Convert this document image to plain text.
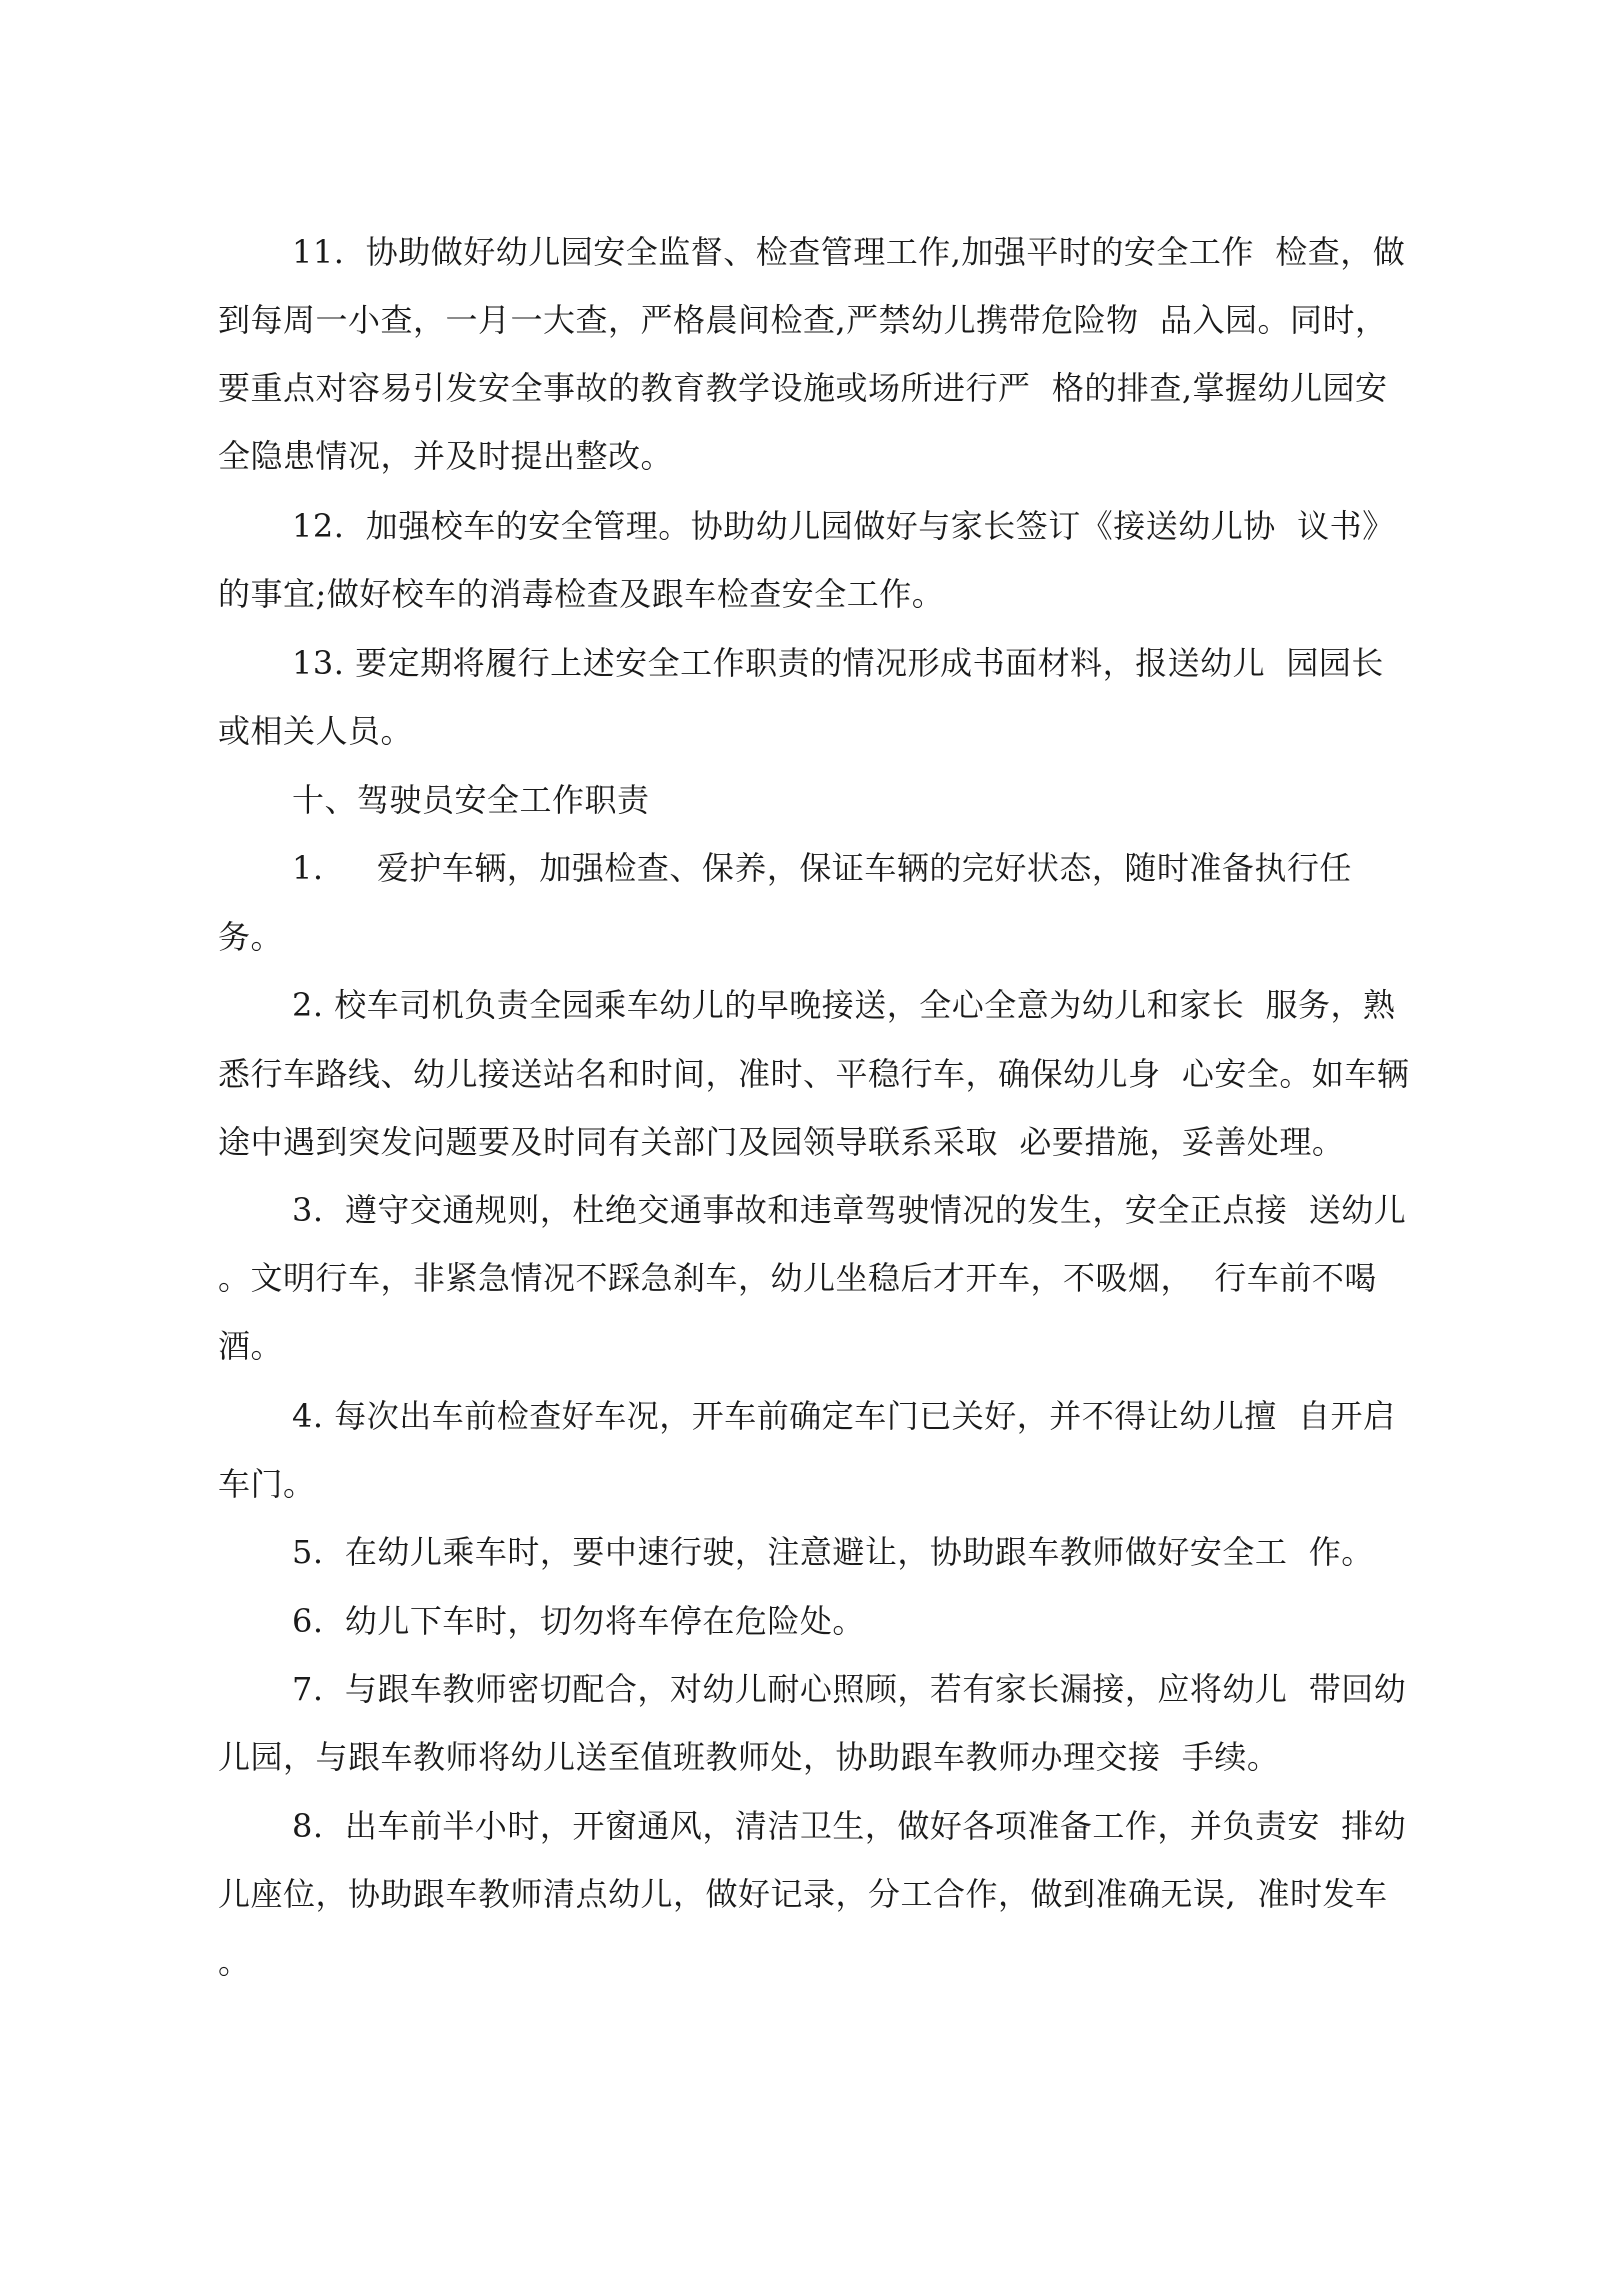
11.  协助做好幼儿园安全监督、检查管理工作,加强平时的安全工作  检查，做
到每周一小查，一月一大查，严格晨间检查,严禁幼儿携带危险物  品入园。同时，
要重点对容易引发安全事故的教育教学设施或场所进行严  格的排查,掌握幼儿园安
全隐患情况，并及时提出整改。
12.  加强校车的安全管理。协助幼儿园做好与家长签订《接送幼儿协  议书》
的事宜;做好校车的消毒检查及跟车检查安全工作。
13. 要定期将履行上述安全工作职责的情况形成书面材料，报送幼儿  园园长
或相关人员。
十、驾驶员安全工作职责
1.     爱护车辆，加强检查、保养，保证车辆的完好状态，随时准备执行任
务。
2. 校车司机负责全园乘车幼儿的早晚接送，全心全意为幼儿和家长  服务，熟
悉行车路线、幼儿接送站名和时间，准时、平稳行车，确保幼儿身  心安全。如车辆
途中遇到突发问题要及时同有关部门及园领导联系采取  必要措施，妥善处理。
3.  遵守交通规则，杜绝交通事故和违章驾驶情况的发生，安全正点接  送幼儿
。文明行车，非紧急情况不踩急刹车，幼儿坐稳后才开车，不吸烟，  行车前不喝
酒。
4. 每次出车前检查好车况，开车前确定车门已关好，并不得让幼儿擅  自开启
车门。
5.  在幼儿乘车时，要中速行驶，注意避让，协助跟车教师做好安全工  作。
6.  幼儿下车时，切勿将车停在危险处。
7.  与跟车教师密切配合，对幼儿耐心照顾，若有家长漏接，应将幼儿  带回幼
儿园，与跟车教师将幼儿送至值班教师处，协助跟车教师办理交接  手续。
8.  出车前半小时，开窗通风，清洁卫生，做好各项准备工作，并负责安  排幼
儿座位，协助跟车教师清点幼儿，做好记录，分工合作，做到准确无误,  准时发车
。
